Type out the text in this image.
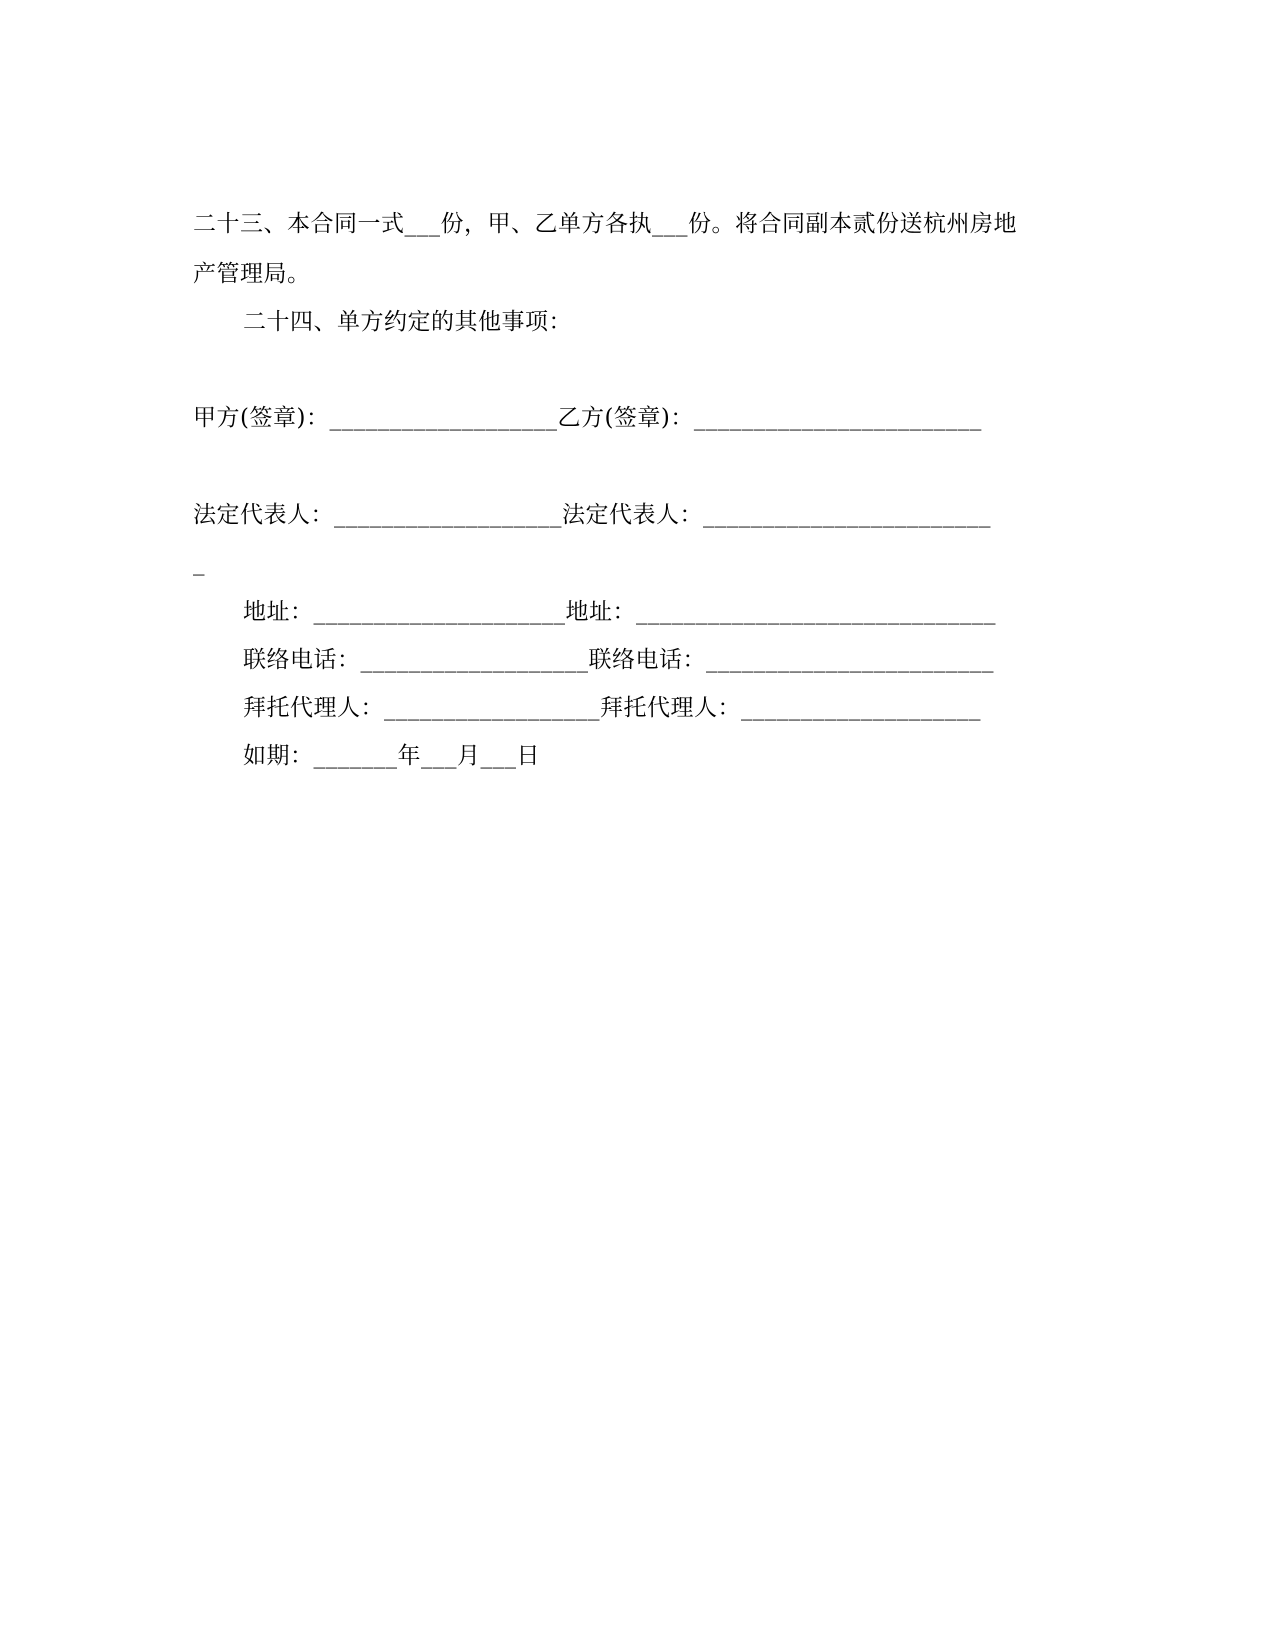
二十三、本合同一式___份，甲、乙单方各执___份。将合同副本贰份送杭州房地
产管理局。
二十四、单方约定的其他事项：
甲方(签章)：___________________乙方(签章)：________________________
法定代表人：___________________法定代表人：________________________
_
地址：_____________________地址：______________________________
联络电话：___________________联络电话：________________________
拜托代理人：__________________拜托代理人：____________________
如期：_______年___月___日
